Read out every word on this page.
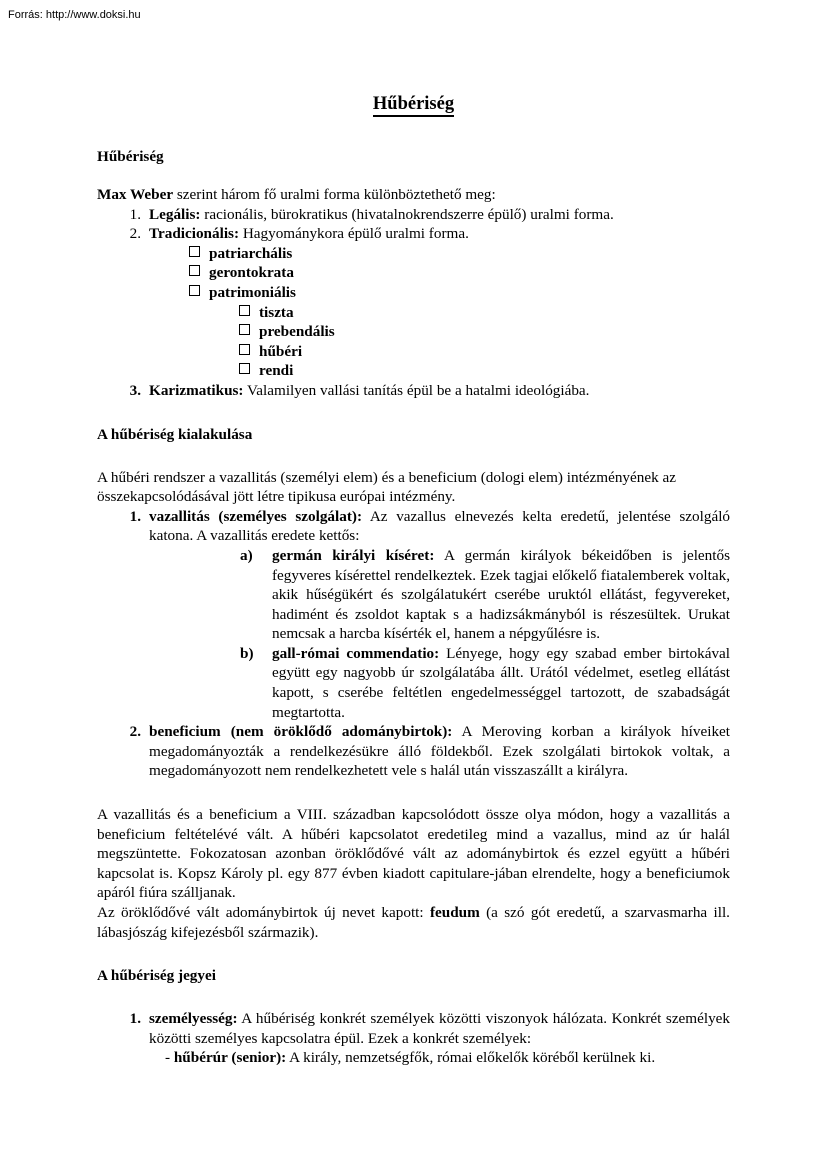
Forrás: http://www.doksi.hu
Hűbériség

Hűbériség

Max Weber szerint három fő uralmi forma különböztethető meg:

1. Legális: racionális, bürokratikus (hivatalnokrendszerre épülő) uralmi forma.
2. Tradicionális: Hagyománykora épülő uralmi forma.
patriarchális
gerontokrata
patrimoniális
tiszta
prebendális
hűbéri
rendi
3. Karizmatikus: Valamilyen vallási tanítás épül be a hatalmi ideológiába.

A hűbériség kialakulása

A hűbéri rendszer a vazallitás (személyi elem) és a beneficium (dologi elem) intézményének az összekapcsolódásával jött létre tipikusa európai intézmény.

1. vazallitás (személyes szolgálat): Az vazallus elnevezés kelta eredetű, jelentése szolgáló katona. A vazallitás eredete kettős:
a)	germán királyi kíséret: A germán királyok békeidőben is jelentős fegyveres kísérettel rendelkeztek. Ezek tagjai előkelő fiatalemberek voltak, akik hűségükért és szolgálatukért cserébe uruktól ellátást, fegyvereket, hadimént és zsoldot kaptak s a hadizsákmányból is részesültek. Urukat nemcsak a harcba kísérték el, hanem a népgyűlésre is.
b)	gall-római commendatio: Lényege, hogy egy szabad ember birtokával együtt egy nagyobb úr szolgálatába állt. Urától védelmet, esetleg ellátást kapott, s cserébe feltétlen engedelmességgel tartozott, de szabadságát megtartotta.
2. beneficium (nem öröklődő adománybirtok): A Meroving korban a királyok híveiket megadományozták a rendelkezésükre álló földekből. Ezek szolgálati birtokok voltak, a megadományozott nem rendelkezhetett vele s halál után visszaszállt a királyra.

A vazallitás és a beneficium a VIII. században kapcsolódott össze olya módon, hogy a vazallitás a beneficium feltételévé vált. A hűbéri kapcsolatot eredetileg mind a vazallus, mind az úr halál megszüntette. Fokozatosan azonban öröklődővé vált az adománybirtok és ezzel együtt a hűbéri kapcsolat is. Kopsz Károly pl. egy 877 évben kiadott capitulare-jában elrendelte, hogy a beneficiumok apáról fiúra szálljanak.

Az öröklődővé vált adománybirtok új nevet kapott: feudum (a szó gót eredetű, a szarvasmarha ill. lábasjószág kifejezésből származik).

A hűbériség jegyei

1. személyesség: A hűbériség konkrét személyek közötti viszonyok hálózata. Konkrét személyek közötti személyes kapcsolatra épül. Ezek a konkrét személyek:
- hűbérúr (senior): A király, nemzetségfők, római előkelők köréből kerülnek ki.
